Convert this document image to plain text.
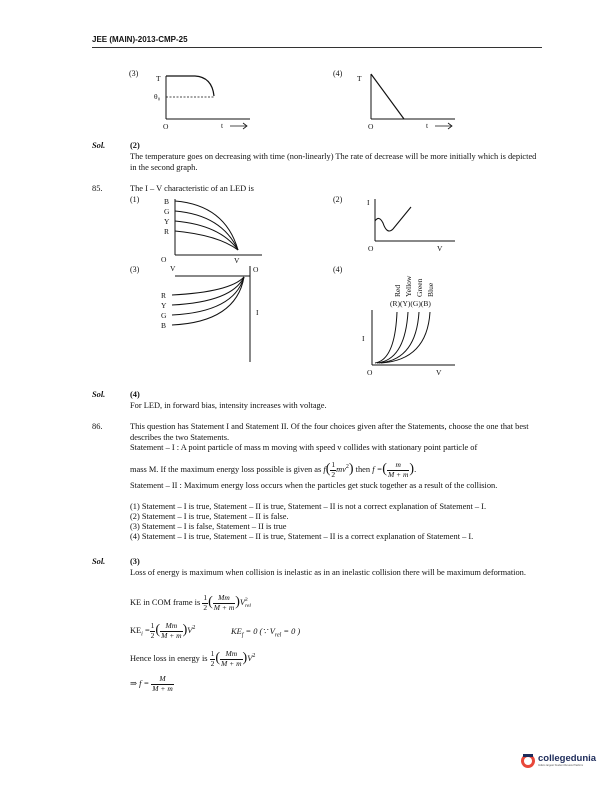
JEE (MAIN)-2013-CMP-25
(3)
T
θ₀
O	t
(4)
T
O	t
Sol.	(2)
The temperature goes on decreasing with time (non-linearly) The rate of decrease will be more initially which is depicted in the second graph.
85.	The I – V characteristic of an LED is
(1)	B
G
Y
R
O	V
(2)	I
O	V
(3)	V	O
R
Y
G
B
I
(4)
Red Yellow Green Blue
(R)(Y)(G)(B)
I
O	V
Sol.	(4)
For LED, in forward bias, intensity increases with voltage.
86.	This question has Statement I and Statement II. Of the four choices given after the Statements, choose the one that best describes the two Statements.
Statement – I : A point particle of mass m moving with speed v collides with stationary point particle of
mass M. If the maximum energy loss possible is given as $f( \frac{1}{2} mv^2)$ then f =( $\frac{m}{M + m}$ ).
Statement – II : Maximum energy loss occurs when the particles get stuck together as a result of the collision.
(1) Statement – I is true, Statement – II is true, Statement – II is not a correct explanation of Statement – I.
(2) Statement – I is true, Statement – II is false.
(3) Statement – I is false, Statement – II is true
(4) Statement – I is true, Statement – II is true, Statement – II is a correct explanation of Statement – I.
Sol.	(3)
Loss of energy is maximum when collision is inelastic as in an inelastic collision there will be maximum deformation.
KE in COM frame is $\frac{1}{2}$ ( $\frac{Mm}{M + m} )V$ 2
rel
$KE_i = \frac{1}{2}$ ( $\frac{Mm}{M + m} )V^2$	$KE_f = 0$ (∵ $V_{rel} = 0$ )
Hence loss in energy is $\frac{1}{2}$ ( $\frac{Mm}{M + m} )V^2$
⇒ $f = \frac{M}{M + m}$
collegedunia
India's largest Student Review Platform
